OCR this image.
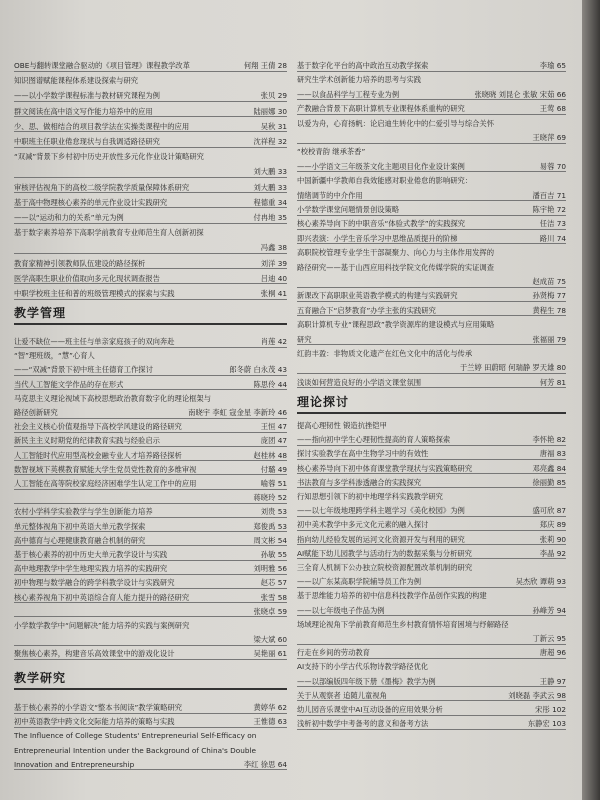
OBE与翻转课堂融合驱动的《项目管理》课程教学改革	何翔 王倩 28
知识图谱赋能课程体系建设探索与研究
——以小学数学课程标准与教材研究课程为例	张贝 29
群文阅读在高中语文写作能力培养中的应用	陆丽娜 30
少、思、做相结合的项目教学法在实操类课程中的应用	吴秋 31
中职班主任职业倦怠现状与自我调适路径研究	沈祥程 32
“双减”背景下乡村初中历史开放性多元化作业设计策略研究
刘大鹏 33
审核评估视角下的高校二级学院教学质量保障体系研究	刘大鹏 33
基于高中物理核心素养的单元作业设计实践研究	程德重 34
——以“运动和力的关系”单元为例	付冉地 35
基于数字素养培养下高职学前教育专业师范生育人创新初探
冯鑫 38
教育家精神引领教师队伍建设的路径探析	刘洋 39
医学高职生职业价值取向多元化现状调查报告	吕迪 40
中职学校班主任和普的班级管理模式的探索与实践	张桐 41
教学管理
让爱不缺位——班主任与单亲家庭孩子的双向奔赴	肖莲 42
“智”理班级，“慧”心育人
——“双减”背景下初中班主任德育工作探讨	郎冬蔚 白永茂 43
当代人工智能文学作品的存在形式	陈思伶 44
马克思主义理论视域下高校思想政治教育数字化的理论框架与
路径创新研究	南晓宇 李虹 寇金星 李新玲 46
社会主义核心价值观指导下高校学风建设的路径研究	王恒 47
新民主主义时期党的纪律教育实践与经验启示	庞团 47
人工智能时代应用型高校金融专业人才培养路径探析	赵桂林 48
数智视域下英模教育赋能大学生党员党性教育的多维审视	付璐 49
人工智能在高等院校家庭经济困难学生认定工作中的应用	喻蓉 51
蒋晓玲 52
农村小学科学实验教学与学生创新能力培养	刘贵 53
单元整体视角下初中英语大单元教学探索	郑俊禹 53
高中德育与心理健康教育融合机制的研究	周文彬 54
基于核心素养的初中历史大单元教学设计与实践	孙敏 55
高中地理教学中学生地理实践力培养的实践研究	刘明雅 56
初中物理与数学融合的跨学科教学设计与实践研究	赵芯 57
核心素养视角下初中英语综合育人能力提升的路径研究	张雪 58
张晓卓 59
小学数学教学中“问题解决”能力培养的实践与案例研究
梁大斌 60
聚焦核心素养，构建音乐高效课堂中的游戏化设计	吴艳丽 61
教学研究
基于核心素养的小学语文“整本书阅读”教学策略研究	黄婷华 62
初中英语教学中跨文化交际能力培养的策略与实践	王惟德 63
The Influence of College Students' Entrepreneurial Self-Efficacy on
Entrepreneurial Intention under the Background of China's Double
Innovation and Entrepreneurship	李红 徐思 64
基于数字化平台的高中政治互动教学探索	李瑜 65
研究生学术创新能力培养的思考与实践
——以食品科学与工程专业为例	张晓晓 刘昆仑 张敏 宋茹 66
产教融合背景下高职计算机专业课程体系重构的研究	王莺 68
以爱为舟，心育扬帆：论启迪生转化中的仁爱引导与综合关怀
王晓萍 69
“校校青韵 继承茶香”
——小学语文三年级茶文化主题项目化作业设计案例	易蓉 70
中国新疆中学教师自我效能感对职业倦怠的影响研究：
情绪调节的中介作用	潘百吉 71
小学数学课堂问题情景创设策略	陈宇艳 72
核心素养导向下的中职音乐“体验式教学”的实践探究	任洁 73
即兴表演：小学生音乐学习中思维品质提升的阶梯	路川 74
高职院校管理专业学生干部凝聚力、向心力与主体作用发挥的
路径研究——基于山西应用科技学院文化传媒学院的实证调查
赵成苗 75
新课改下高职职业英语教学模式的构建与实践研究	孙贤梅 77
五育融合下“启梦教育”办学主张的实践研究	黄程生 78
高职计算机专业“课程思政”教学资源库的建设模式与应用策略
研究	张福丽 79
红韵丰盈：非物质文化遗产在红色文化中的活化与传承
于兰婷 田蔚昭 何瑞静 罗天雄 80
浅谈如何营造良好的小学语文课堂氛围	何芳 81
理论探讨
提高心理韧性 锻造抗挫铠甲
——指向初中学生心理韧性提高的育人策略探索	李怀艳 82
探讨实验教学在高中生物学习中的有效性	唐福 83
核心素养导向下初中体育课堂教学现状与实践策略研究	邓亮鑫 84
书法教育与多学科渗透融合的实践探究	徐丽勤 85
行知思想引领下的初中地理学科实践教学研究
——以七年级地理跨学科主题学习《美化校园》为例	盛可欣 87
初中美术教学中多元文化元素的融入探讨	郑庆 89
指向幼儿经验发展的运河文化资源开发与利用的研究	张莉 90
AI赋能下幼儿园教学与活动行为的数据采集与分析研究	李晶 92
三全育人机制下公办独立院校资源配置改革机制的研究
——以广东某高职学院辅导员工作为例	吴杰欣 谭萌 93
基于思维能力培养的初中信息科技教学作品创作实践的构建
——以七年级电子作品为例	孙峰芳 94
场域理论视角下学前教育师范生乡村教育情怀培育困境与纾解路径
丁新云 95
行走在乡间的劳动教育	唐超 96
AI支持下的小学古代乐物诗教学路径优化
——以部编版四年级下册《墨梅》教学为例	王静 97
关于从观察者 追随儿童视角	刘晓磊 李武云 98
幼儿园音乐课堂中AI互动设备的应用效果分析	宋彤 102
浅析初中数学中考备考的意义和备考方法	东静宏 103
